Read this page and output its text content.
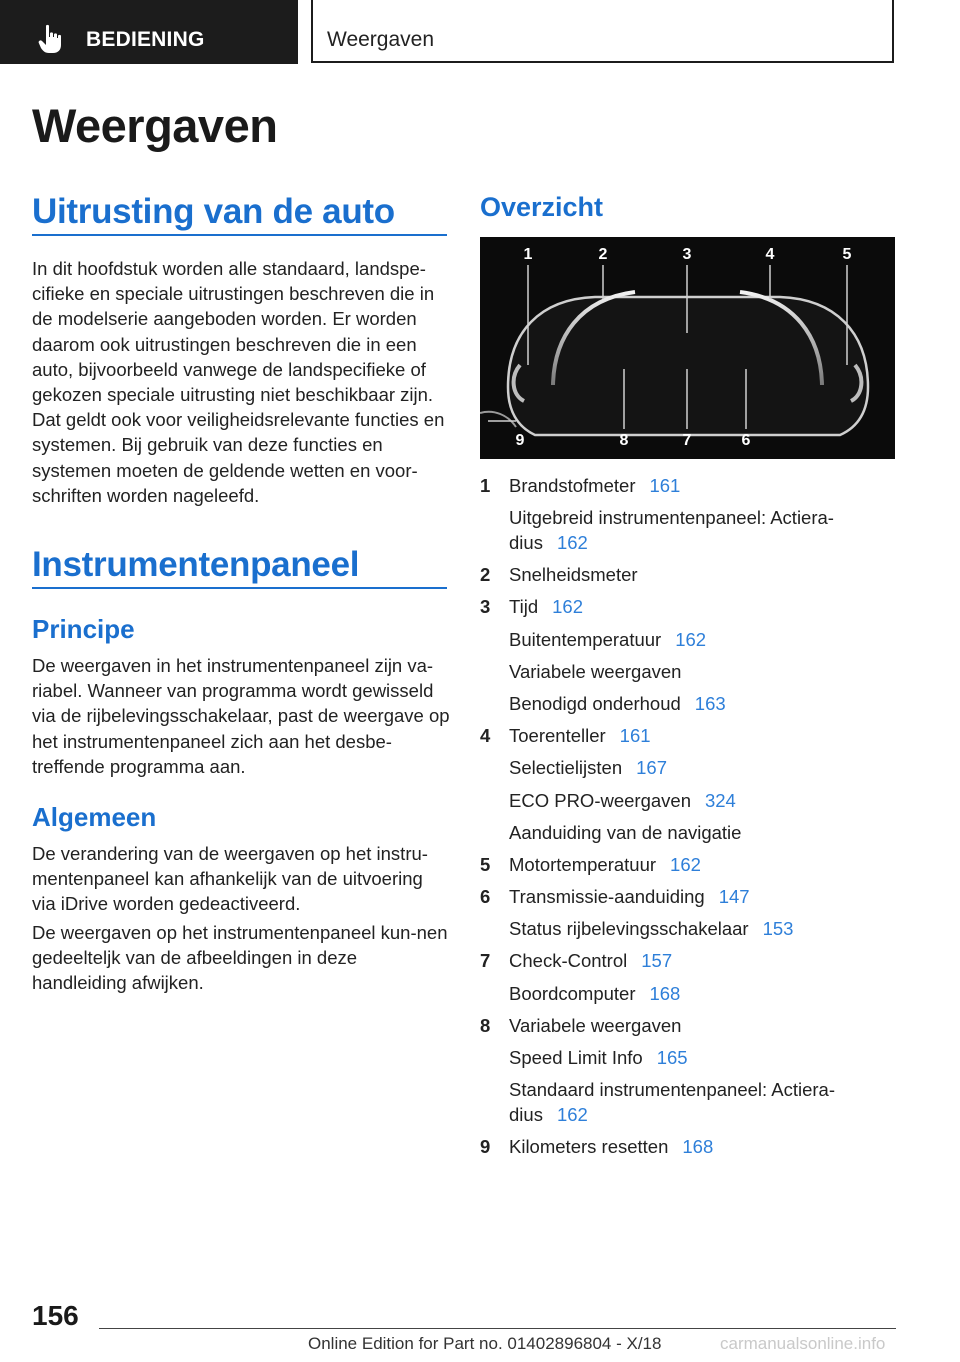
BEDIENING	Weergaven
Weergaven
Uitrusting van de auto

In dit hoofdstuk worden alle standaard, landspe-cifieke en speciale uitrustingen beschreven die in de modelserie aangeboden worden. Er worden daarom ook uitrustingen beschreven die in een auto, bijvoorbeeld vanwege de landspecifieke of gekozen speciale uitrusting niet beschikbaar zijn. Dat geldt ook voor veiligheidsrelevante functies en systemen. Bij gebruik van deze functies en systemen moeten de geldende wetten en voor-schriften worden nageleefd.

Instrumentenpaneel
Principe

De weergaven in het instrumentenpaneel zijn va-riabel. Wanneer van programma wordt gewisseld via de rijbelevingsschakelaar, past de weergave op het instrumentenpaneel zich aan het desbe-treffende programma aan.

Algemeen

De verandering van de weergaven op het instru-mentenpaneel kan afhankelijk van de uitvoering via iDrive worden gedeactiveerd.

De weergaven op het instrumentenpaneel kun-nen gedeelteljk van de afbeeldingen in deze handleiding afwijken.

Overzicht
1	2	3	4	5
6
7
8
9
1	Brandstofmeter 161
Uitgebreid instrumentenpaneel: Actiera-dius 162
2	Snelheidsmeter
3	Tijd 162
Buitentemperatuur 162
Variabele weergaven
Benodigd onderhoud 163
4	Toerenteller 161
Selectielijsten 167
ECO PRO-weergaven 324
Aanduiding van de navigatie
5	Motortemperatuur 162
6	Transmissie-aanduiding 147
Status rijbelevingsschakelaar 153
7	Check-Control 157
Boordcomputer 168
8	Variabele weergaven
Speed Limit Info 165
Standaard instrumentenpaneel: Actiera-dius 162
9	Kilometers resetten 168
156
Online Edition for Part no. 01402896804 - X/18	carmanualsonline.info
